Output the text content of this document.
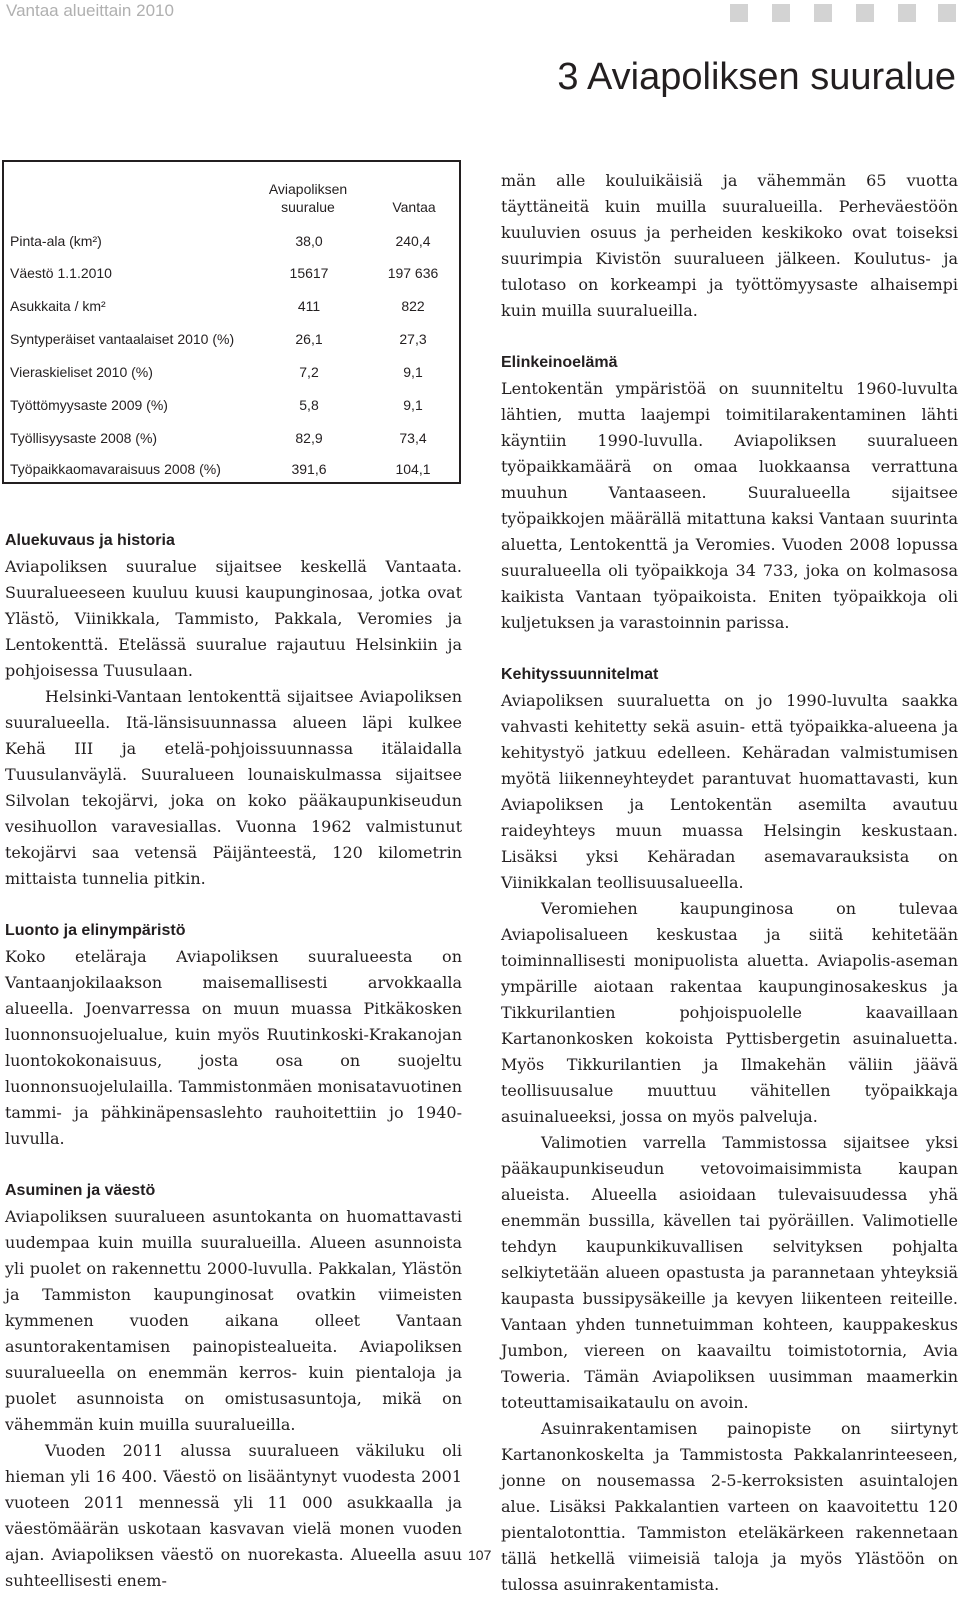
Vantaa alueittain 2010
3 Aviapoliksen suuralue
Aviapoliksen
suuralue	Vantaa
Pinta-ala (km²)	38,0	240,4
Väestö 1.1.2010	15617	197 636
Asukkaita / km²	411	822
Syntyperäiset vantaalaiset 2010 (%)	26,1	27,3
Vieraskieliset 2010 (%)	7,2	9,1
Työttömyysaste 2009 (%)	5,8	9,1
Työllisyysaste 2008 (%)	82,9	73,4
Työpaikkaomavaraisuus 2008 (%)	391,6	104,1
Aluekuvaus ja historia

Aviapoliksen suuralue sijaitsee keskellä Vantaata. Suuralueeseen kuuluu kuusi kaupunginosaa, jotka ovat Ylästö, Viinikkala, Tammisto, Pakkala, Veromies ja Lentokenttä. Etelässä suuralue rajautuu Helsinkiin ja pohjoisessa Tuusulaan.

Helsinki-Vantaan lentokenttä sijaitsee Aviapoliksen suuralueella. Itä-länsisuunnassa alueen läpi kulkee Kehä III ja etelä-pohjoissuunnassa itälaidalla Tuusulanväylä. Suuralueen lounaiskulmassa sijaitsee Silvolan tekojärvi, joka on koko pääkaupunkiseudun vesihuollon varavesiallas. Vuonna 1962 valmistunut tekojärvi saa vetensä Päijänteestä, 120 kilometrin mittaista tunnelia pitkin.

Luonto ja elinympäristö

Koko eteläraja Aviapoliksen suuralueesta on Vantaanjokilaakson maisemallisesti arvokkaalla alueella. Joenvarressa on muun muassa Pitkäkosken luonnonsuojelualue, kuin myös Ruutinkoski-Krakanojan luontokokonaisuus, josta osa on suojeltu luonnonsuojelulailla. Tammistonmäen monisatavuotinen tammi- ja pähkinäpensaslehto rauhoitettiin jo 1940-luvulla.

Asuminen ja väestö

Aviapoliksen suuralueen asuntokanta on huomattavasti uudempaa kuin muilla suuralueilla. Alueen asunnoista yli puolet on rakennettu 2000-luvulla. Pakkalan, Ylästön ja Tammiston kaupunginosat ovatkin viimeisten kymmenen vuoden aikana olleet Vantaan asuntorakentamisen painopistealueita. Aviapoliksen suuralueella on enemmän kerros- kuin pientaloja ja puolet asunnoista on omistusasuntoja, mikä on vähemmän kuin muilla suuralueilla.

Vuoden 2011 alussa suuralueen väkiluku oli hieman yli 16 400. Väestö on lisääntynyt vuodesta 2001 vuoteen 2011 mennessä yli 11 000 asukkaalla ja väestömäärän uskotaan kasvavan vielä monen vuoden ajan. Aviapoliksen väestö on nuorekasta. Alueella asuu suhteellisesti enem-

män alle kouluikäisiä ja vähemmän 65 vuotta täyttäneitä kuin muilla suuralueilla. Perheväestöön kuuluvien osuus ja perheiden keskikoko ovat toiseksi suurimpia Kivistön suuralueen jälkeen. Koulutus- ja tulotaso on korkeampi ja työttömyysaste alhaisempi kuin muilla suuralueilla.

Elinkeinoelämä

Lentokentän ympäristöä on suunniteltu 1960-luvulta lähtien, mutta laajempi toimitilarakentaminen lähti käyntiin 1990-luvulla. Aviapoliksen suuralueen työpaikkamäärä on omaa luokkaansa verrattuna muuhun Vantaaseen. Suuralueella sijaitsee työpaikkojen määrällä mitattuna kaksi Vantaan suurinta aluetta, Lentokenttä ja Veromies. Vuoden 2008 lopussa suuralueella oli työpaikkoja 34 733, joka on kolmasosa kaikista Vantaan työpaikoista. Eniten työpaikkoja oli kuljetuksen ja varastoinnin parissa.

Kehityssuunnitelmat

Aviapoliksen suuraluetta on jo 1990-luvulta saakka vahvasti kehitetty sekä asuin- että työpaikka-alueena ja kehitystyö jatkuu edelleen. Kehäradan valmistumisen myötä liikenneyhteydet parantuvat huomattavasti, kun Aviapoliksen ja Lentokentän asemilta avautuu raideyhteys muun muassa Helsingin keskustaan. Lisäksi yksi Kehäradan asemavarauksista on Viinikkalan teollisuusalueella.

Veromiehen kaupunginosa on tulevaa Aviapolisalueen keskustaa ja siitä kehitetään toiminnallisesti monipuolista aluetta. Aviapolis-aseman ympärille aiotaan rakentaa kaupunginosakeskus ja Tikkurilantien pohjoispuolelle kaavaillaan Kartanonkosken kokoista Pyttisbergetin asuinaluetta. Myös Tikkurilantien ja Ilmakehän väliin jäävä teollisuusalue muuttuu vähitellen työpaikkaja asuinalueeksi, jossa on myös palveluja.

Valimotien varrella Tammistossa sijaitsee yksi pääkaupunkiseudun vetovoimaisimmista kaupan alueista. Alueella asioidaan tulevaisuudessa yhä enemmän bussilla, kävellen tai pyöräillen. Valimotielle tehdyn kaupunkikuvallisen selvityksen pohjalta selkiytetään alueen opastusta ja parannetaan yhteyksiä kaupasta bussipysäkeille ja kevyen liikenteen reiteille. Vantaan yhden tunnetuimman kohteen, kauppakeskus Jumbon, viereen on kaavailtu toimistotornia, Avia Toweria. Tämän Aviapoliksen uusimman maamerkin toteuttamisaikataulu on avoin.

Asuinrakentamisen painopiste on siirtynyt Kartanonkoskelta ja Tammistosta Pakkalanrinteeseen, jonne on nousemassa 2-5-kerroksisten asuintalojen alue. Lisäksi Pakkalantien varteen on kaavoitettu 120 pientalotonttia. Tammiston eteläkärkeen rakennetaan tällä hetkellä viimeisiä taloja ja myös Ylästöön on tulossa asuinrakentamista.

107
